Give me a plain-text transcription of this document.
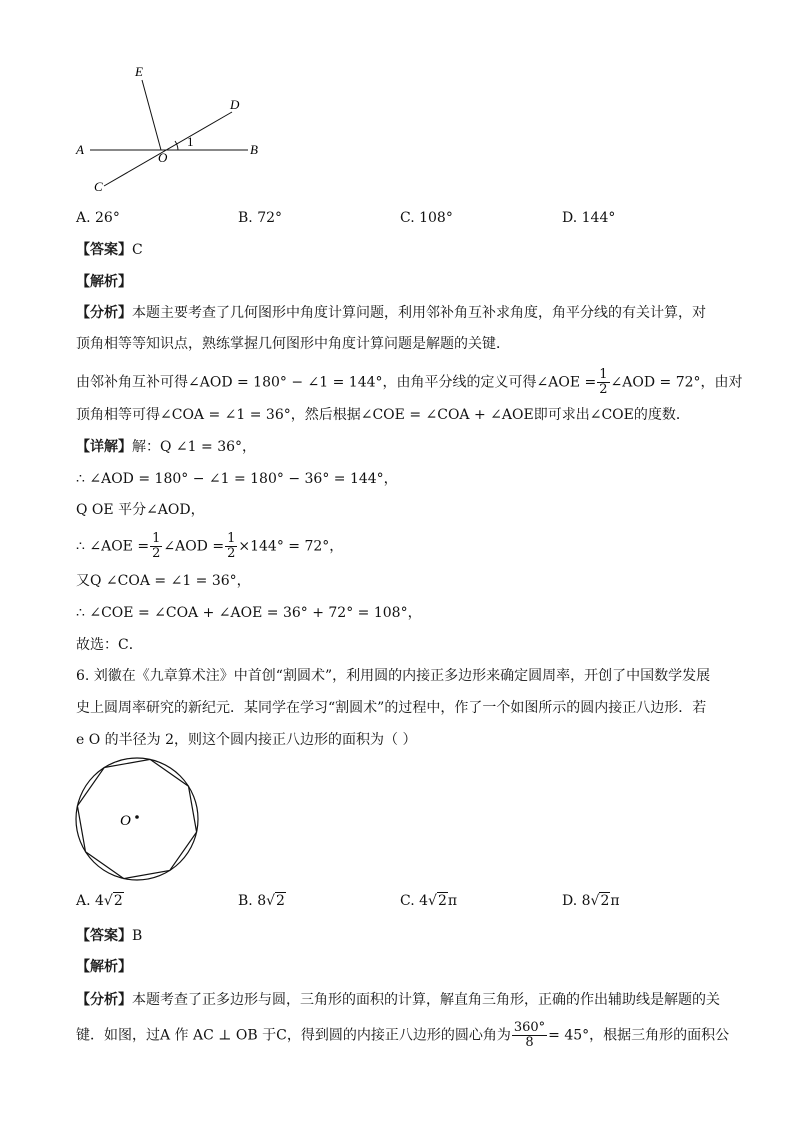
E
D
A
O
1
B
C
A. 26°	B. 72°	C. 108°	D. 144°
【答案】C
【解析】
【分析】本题主要考查了几何图形中角度计算问题，利用邻补角互补求角度，角平分线的有关计算，对
顶角相等等知识点，熟练掌握几何图形中角度计算问题是解题的关键．
由邻补角互补可得∠AOD = 180° − ∠1 = 144°，由角平分线的定义可得∠AOE = $\frac{1}{2}$ ∠AOD = 72°，由对
顶角相等可得∠COA = ∠1 = 36°，然后根据∠COE = ∠COA + ∠AOE即可求出∠COE的度数．
【详解】解：Q ∠1 = 36°，
∴ ∠AOD = 180° − ∠1 = 180° − 36° = 144°，
Q OE 平分∠AOD，
∴ ∠AOE = $\frac{1}{2}$ ∠AOD = $\frac{1}{2} \times 144^\circ = 72^\circ$，
又Q ∠COA = ∠1 = 36°，
∴ ∠COE = ∠COA + ∠AOE = 36° + 72° = 108°，
故选：C．
6. 刘徽在《九章算术注》中首创“割圆术”，利用圆的内接正多边形来确定圆周率，开创了中国数学发展
史上圆周率研究的新纪元．某同学在学习“割圆术”的过程中，作了一个如图所示的圆内接正八边形．若
e O 的半径为 2，则这个圆内接正八边形的面积为（ ）
O
A. 4√2	B. 8√2	C. 4√2π	D. 8√2π
【答案】B
【解析】
【分析】本题考查了正多边形与圆，三角形的面积的计算，解直角三角形，正确的作出辅助线是解题的关
键．如图，过A 作 AC ⊥ OB 于C，得到圆的内接正八边形的圆心角为 $\frac{360^\circ}{8} = 45^\circ$，根据三角形的面积公
